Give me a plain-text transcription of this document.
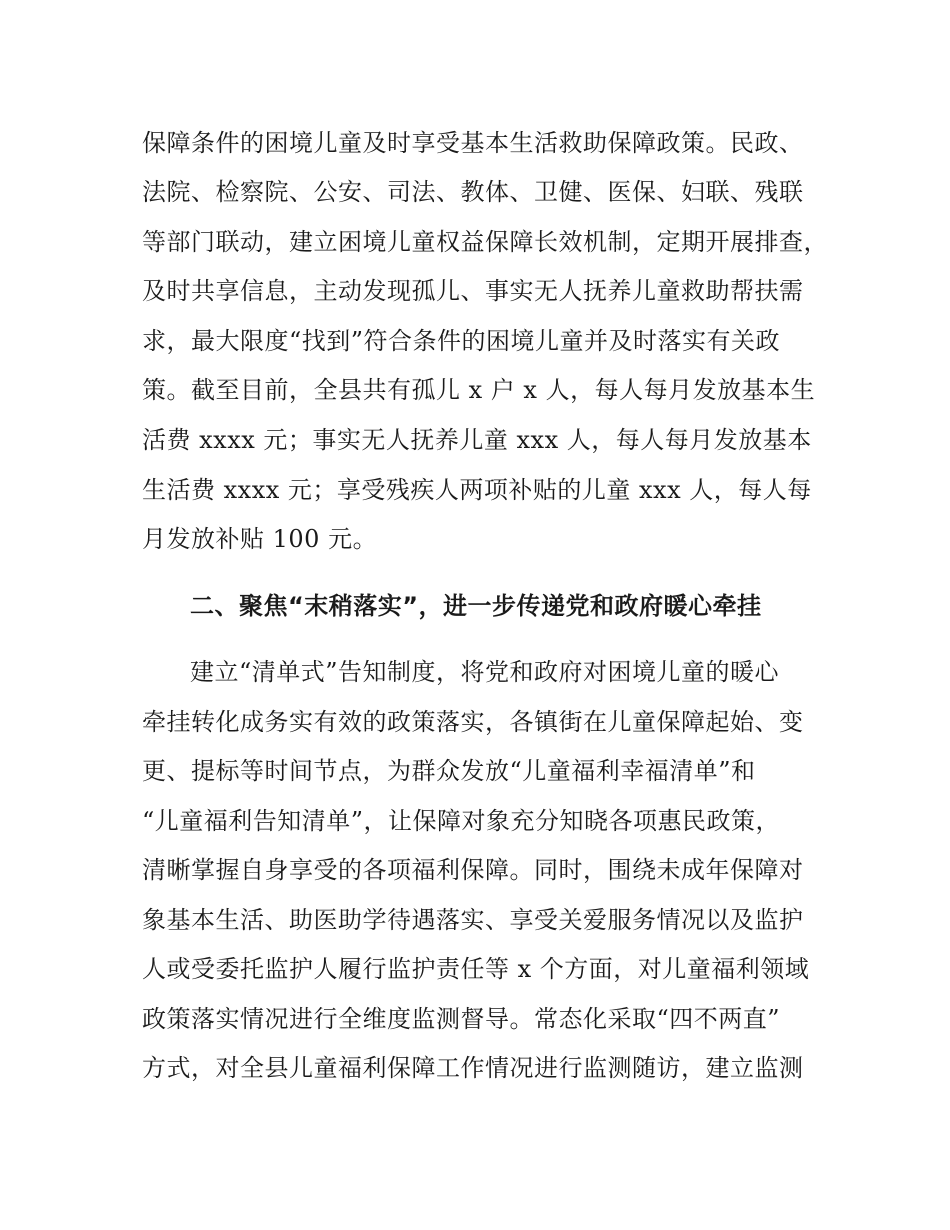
保障条件的困境儿童及时享受基本生活救助保障政策。民政、
法院、检察院、公安、司法、教体、卫健、医保、妇联、残联
等部门联动，建立困境儿童权益保障长效机制，定期开展排查，
及时共享信息，主动发现孤儿、事实无人抚养儿童救助帮扶需
求，最大限度“找到”符合条件的困境儿童并及时落实有关政
策。截至目前，全县共有孤儿 x 户 x 人，每人每月发放基本生
活费 xxxx 元；事实无人抚养儿童 xxx 人，每人每月发放基本
生活费 xxxx 元；享受残疾人两项补贴的儿童 xxx 人，每人每
月发放补贴 100 元。
二、聚焦“末稍落实”，进一步传递党和政府暖心牵挂
建立“清单式”告知制度，将党和政府对困境儿童的暖心
牵挂转化成务实有效的政策落实，各镇街在儿童保障起始、变
更、提标等时间节点，为群众发放“儿童福利幸福清单”和
“儿童福利告知清单”，让保障对象充分知晓各项惠民政策，
清晰掌握自身享受的各项福利保障。同时，围绕未成年保障对
象基本生活、助医助学待遇落实、享受关爱服务情况以及监护
人或受委托监护人履行监护责任等 x 个方面，对儿童福利领域
政策落实情况进行全维度监测督导。常态化采取“四不两直”
方式，对全县儿童福利保障工作情况进行监测随访，建立监测
